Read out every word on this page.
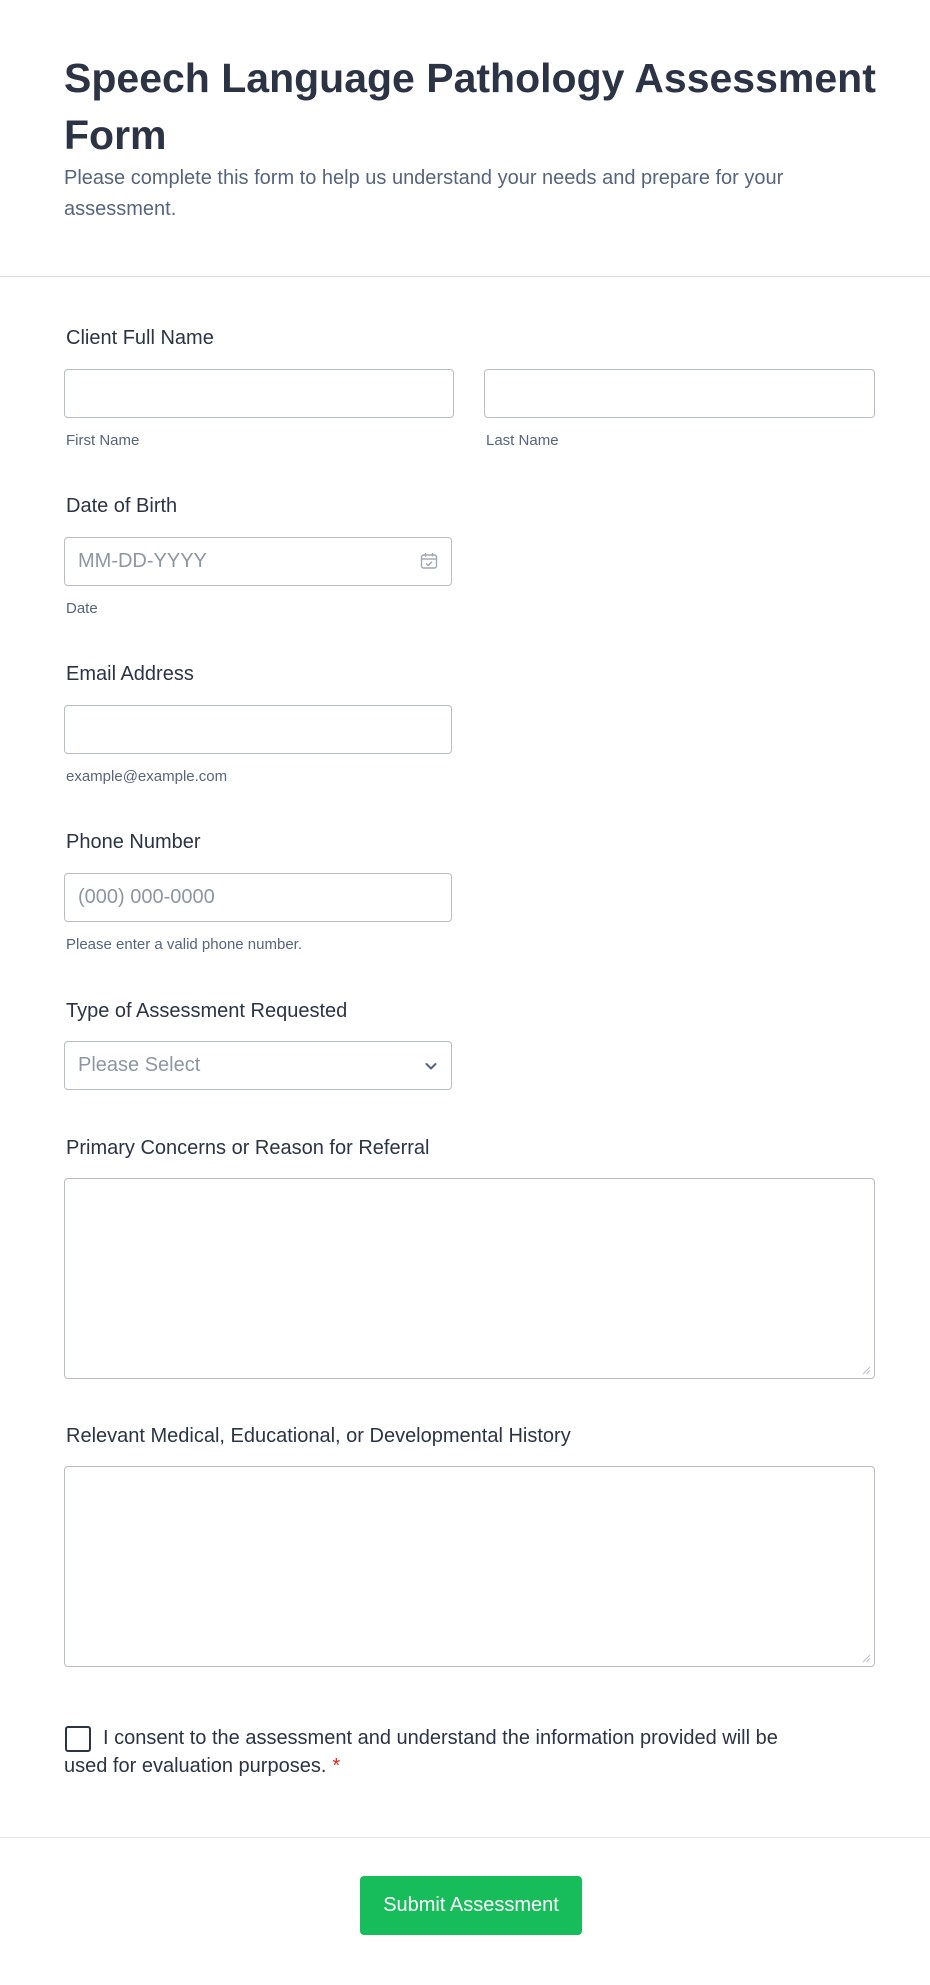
Speech Language Pathology Assessment Form

Please complete this form to help us understand your needs and prepare for your assessment.

Client Full Name
First Name	Last Name
Date of Birth
MM-DD-YYYY
Date
Email Address
example@example.com
Phone Number
(000) 000-0000
Please enter a valid phone number.
Type of Assessment Requested
Please Select
Primary Concerns or Reason for Referral
Relevant Medical, Educational, or Developmental History

I consent to the assessment and understand the information provided will be used for evaluation purposes. *

Submit Assessment
